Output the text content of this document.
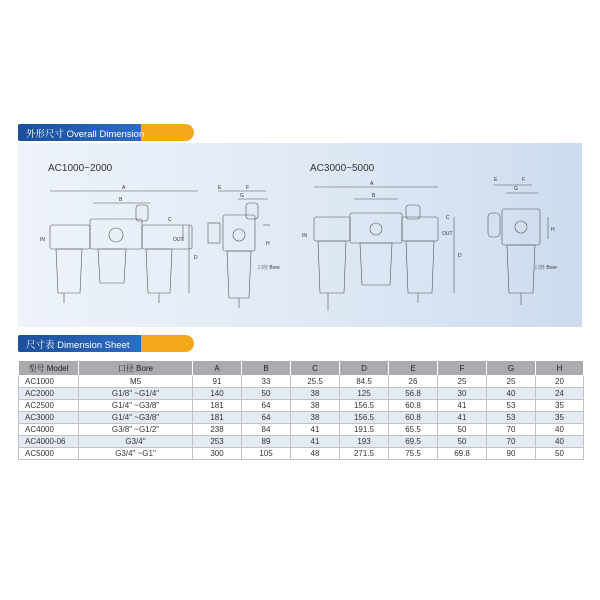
外形尺寸 Overall Dimension
AC1000~2000	AC3000~5000
A
B
C
D
IN
E	F
G
H
OUT
口径 Bore
A
B
C
D
IN	OUT
E	F
G
H
口径 Bore
尺寸表 Dimension Sheet
型号 Model	口径 Bore	A	B	C	D	E	F	G	H
AC1000	M5	91	33	25.5	84.5	26	25	25	20
AC2000	G1/8" ~G1/4"	140	50	38	125	56.8	30	40	24
AC2500	G1/4" ~G3/8"	181	64	38	156.5	60.8	41	53	35
AC3000	G1/4" ~G3/8"	181	64	38	156.5	60.8	41	53	35
AC4000	G3/8" ~G1/2"	238	84	41	191.5	65.5	50	70	40
AC4000-06	G3/4"	253	89	41	193	69.5	50	70	40
AC5000	G3/4" ~G1"	300	105	48	271.5	75.5	69.8	90	50
